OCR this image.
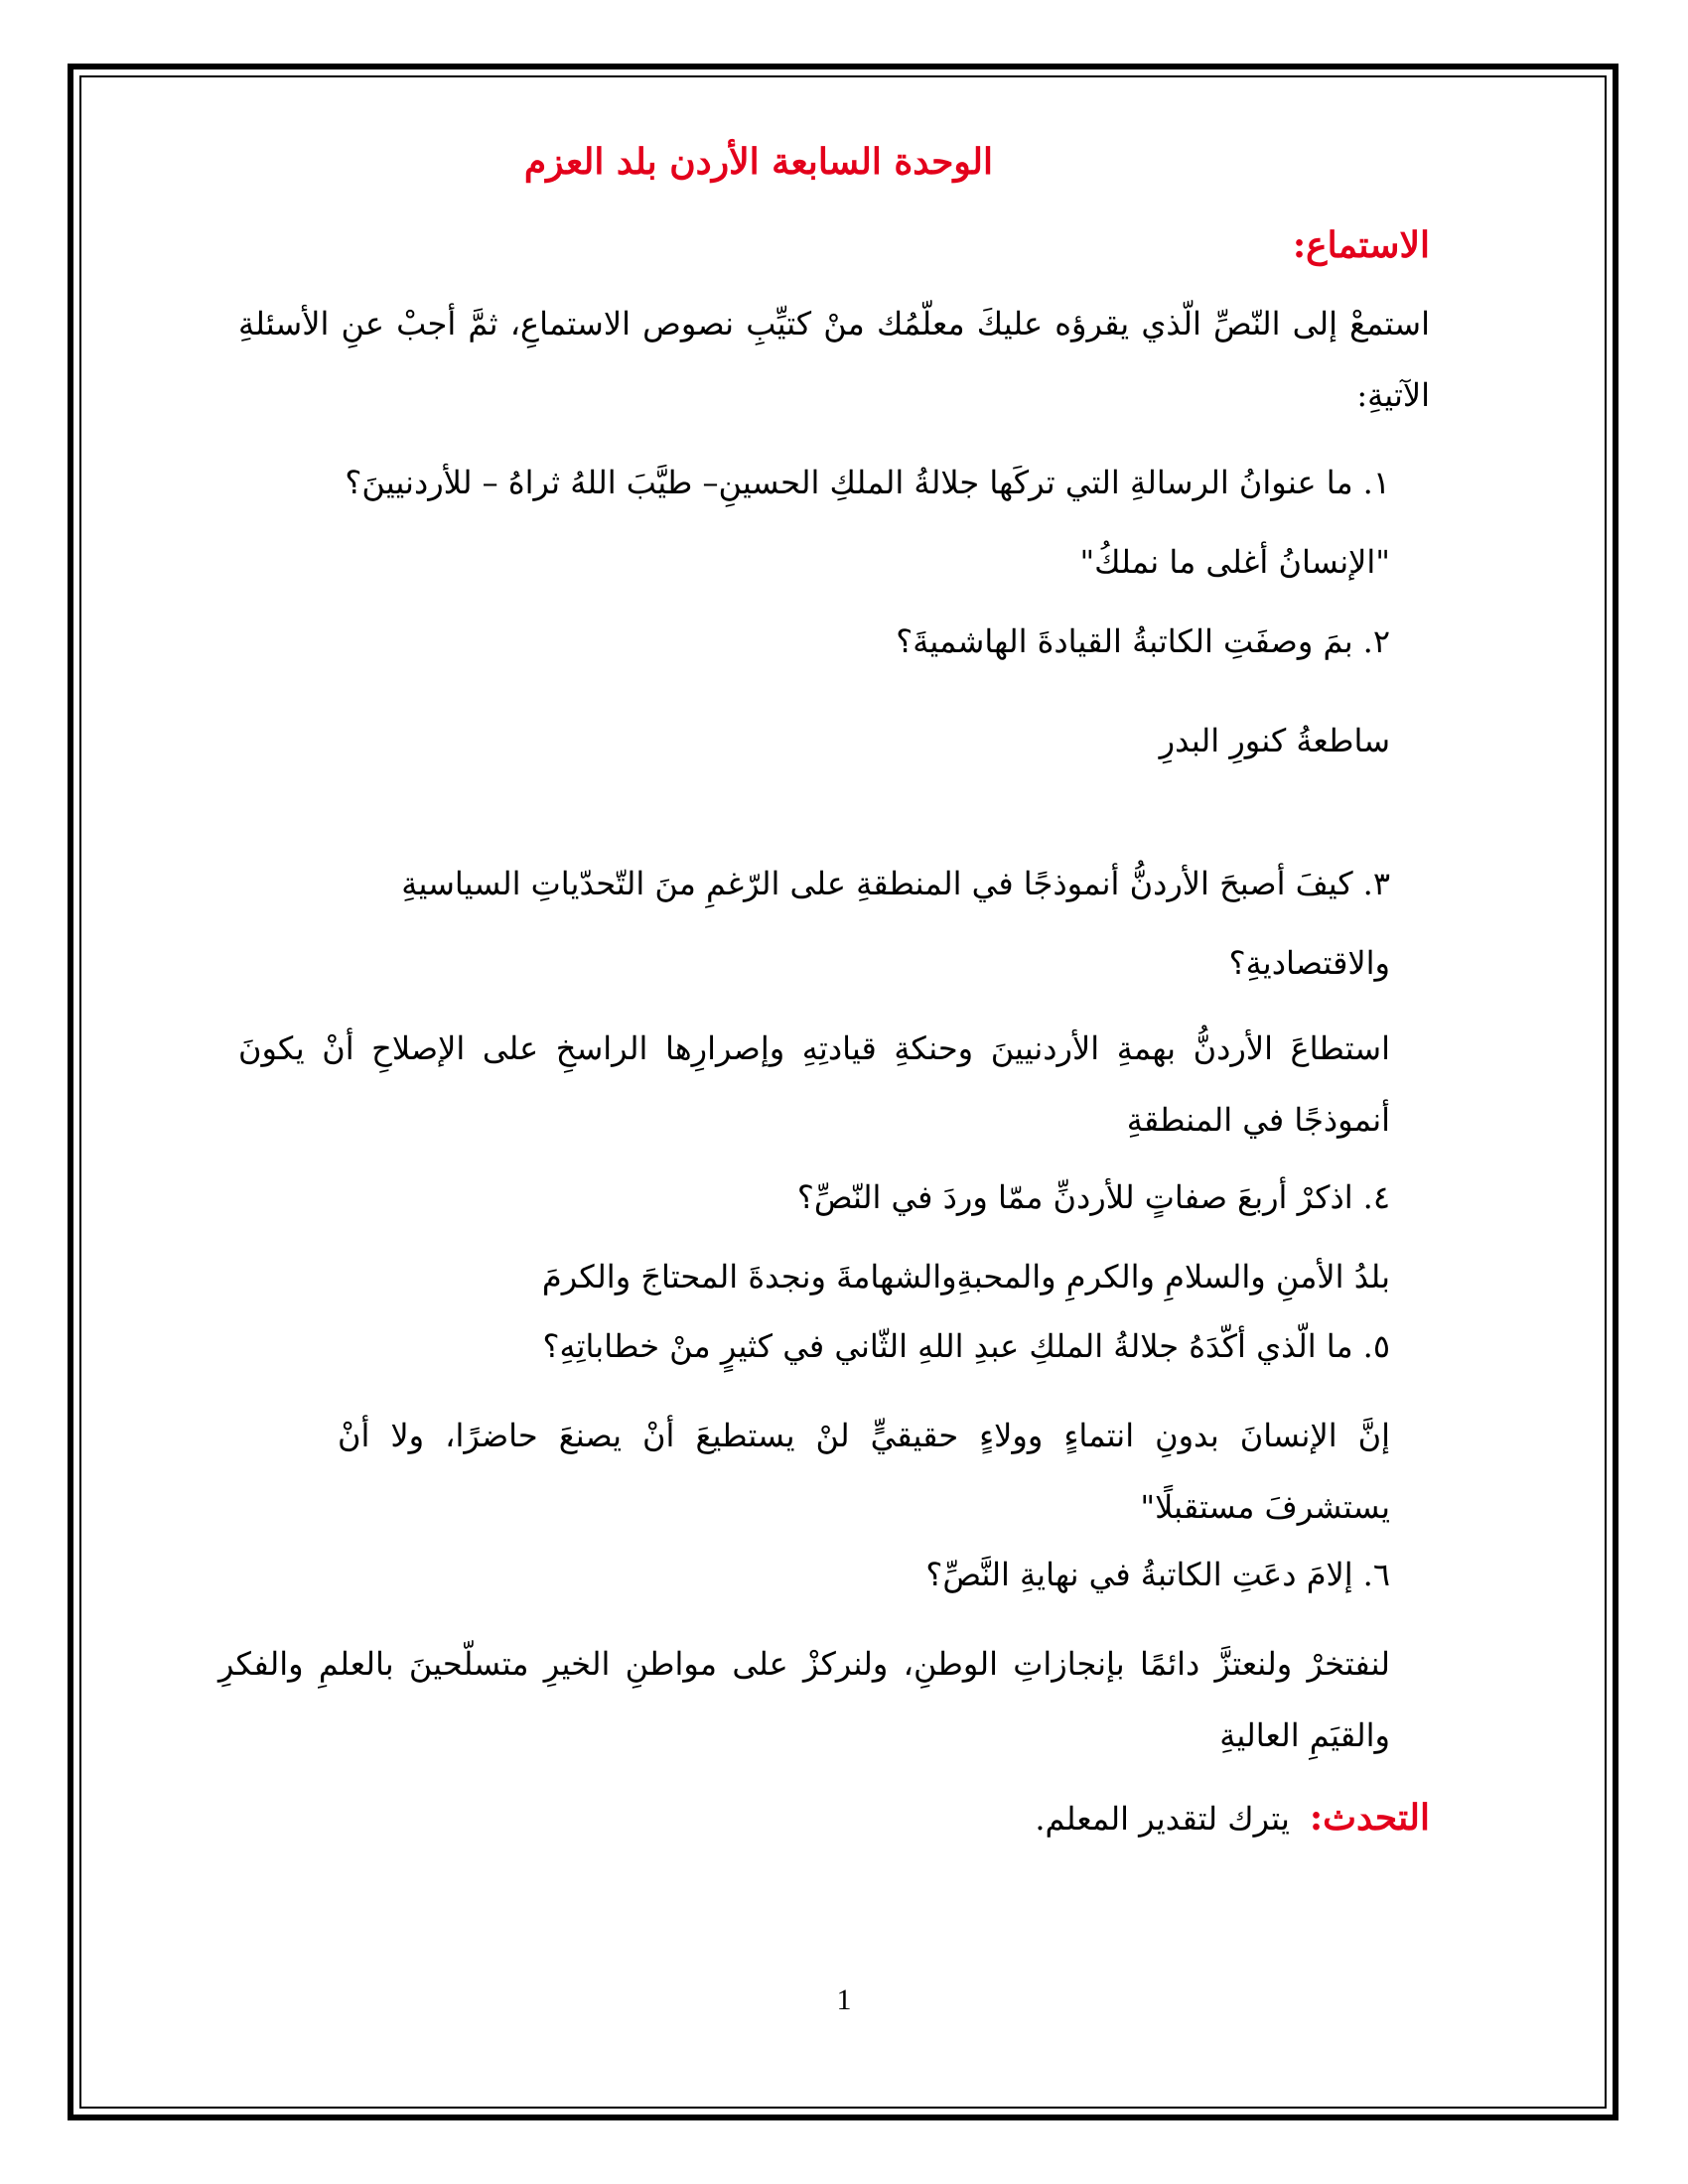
الوحدة السابعة الأردن بلد العزم
الاستماع:
استمعْ إلى النّصِّ الّذي يقرؤه عليكَ معلّمُك منْ كتيِّبِ نصوص الاستماعِ، ثمَّ أجبْ عنِ الأسئلةِ الآتيةِ:
١.ما عنوانُ الرسالةِ التي تركَها جلالةُ الملكِ الحسينِ– طيَّبَ اللهُ ثراهُ – للأردنيينَ؟
"الإنسانُ أغلى ما نملكُ"
٢.بمَ وصفَتِ الكاتبةُ القيادةَ الهاشميةَ؟
ساطعةُ كنورِ البدرِ
٣.كيفَ أصبحَ الأردنُّ أنموذجًا في المنطقةِ على الرّغمِ منَ التّحدّياتِ السياسيةِ والاقتصاديةِ؟
استطاعَ الأردنُّ بهمةِ الأردنيينَ وحنكةِ قيادتِهِ وإصرارِها الراسخِ على الإصلاحِ أنْ يكونَ أنموذجًا في المنطقةِ
٤.اذكرْ أربعَ صفاتٍ للأردنِّ ممّا وردَ في النّصِّ؟
بلدُ الأمنِ والسلامِ والكرمِ والمحبةِوالشهامةَ ونجدةَ المحتاجَ والكرمَ
٥.ما الّذي أكّدَهُ جلالةُ الملكِ عبدِ اللهِ الثّاني في كثيرٍ منْ خطاباتِهِ؟
إنَّ الإنسانَ بدونِ انتماءٍ وولاءٍ حقيقيٍّ لنْ يستطيعَ أنْ يصنعَ حاضرًا، ولا أنْ يستشرفَ مستقبلًا"
٦.إلامَ دعَتِ الكاتبةُ في نهايةِ النَّصِّ؟
لنفتخرْ ولنعتزَّ دائمًا بإنجازاتِ الوطنِ، ولنركزْ على مواطنِ الخيرِ متسلّحينَ بالعلمِ والفكرِ والقيَمِ العاليةِ
التحدث:يترك لتقدير المعلم.
1
